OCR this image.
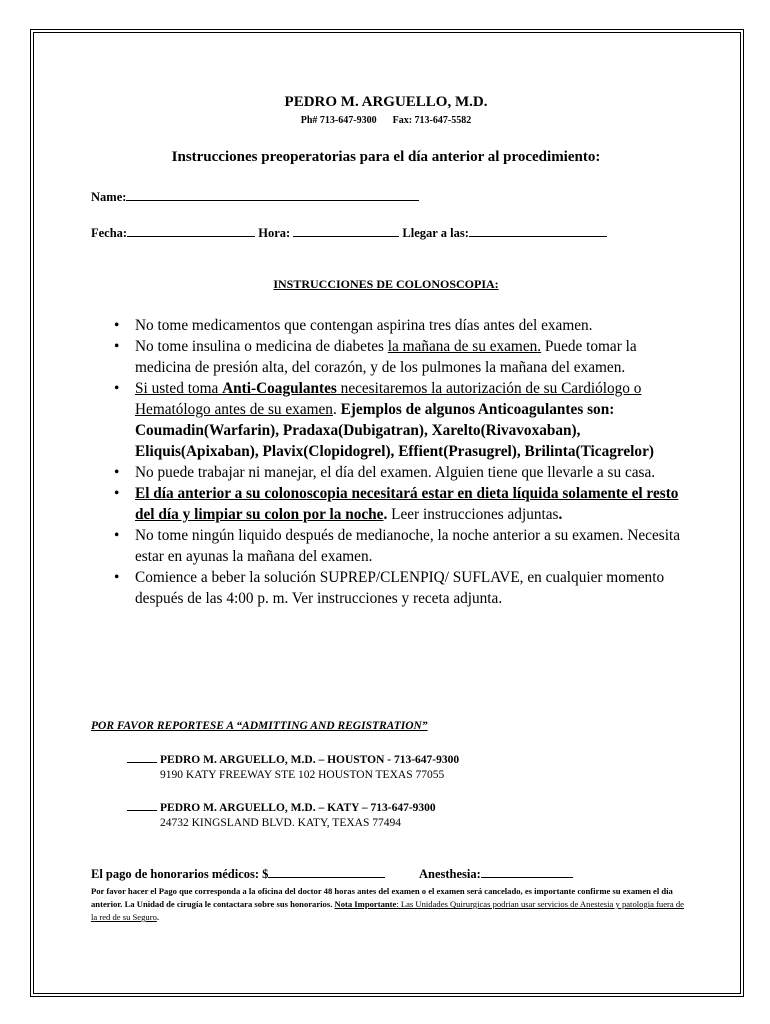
PEDRO M. ARGUELLO, M.D.
Ph# 713-647-9300 Fax: 713-647-5582
Instrucciones preoperatorias para el día anterior al procedimiento:
Name:
Fecha:	Hora:	Llegar a las:
INSTRUCCIONES DE COLONOSCOPIA:
• No tome medicamentos que contengan aspirina tres días antes del examen.
• No tome insulina o medicina de diabetes la mañana de su examen. Puede tomar la medicina de presión alta, del corazón, y de los pulmones la mañana del examen.
• Si usted toma Anti-Coagulantes necesitaremos la autorización de su Cardiólogo o Hematólogo antes de su examen. Ejemplos de algunos Anticoagulantes son: Coumadin(Warfarin), Pradaxa(Dubigatran), Xarelto(Rivavoxaban), Eliquis(Apixaban), Plavix(Clopidogrel), Effient(Prasugrel), Brilinta(Ticagrelor)
• No puede trabajar ni manejar, el día del examen. Alguien tiene que llevarle a su casa.
• El día anterior a su colonoscopia necesitará estar en dieta líquida solamente el resto del día y limpiar su colon por la noche. Leer instrucciones adjuntas.
• No tome ningún liquido después de medianoche, la noche anterior a su examen. Necesita estar en ayunas la mañana del examen.
• Comience a beber la solución SUPREP/CLENPIQ/ SUFLAVE, en cualquier momento después de las 4:00 p. m. Ver instrucciones y receta adjunta.
POR FAVOR REPORTESE A “ADMITTING AND REGISTRATION”
PEDRO M. ARGUELLO, M.D. – HOUSTON - 713-647-9300
9190 KATY FREEWAY STE 102 HOUSTON TEXAS 77055
PEDRO M. ARGUELLO, M.D. – KATY – 713-647-9300
24732 KINGSLAND BLVD. KATY, TEXAS 77494
El pago de honorarios médicos: $	Anesthesia:
Por favor hacer el Pago que corresponda a la oficina del doctor 48 horas antes del examen o el examen será cancelado, es importante confirme su examen el día anterior. La Unidad de cirugía le contactara sobre sus honorarios. Nota Importante: Las Unidades Quirurgicas podrian usar servicios de Anestesia y patologia fuera de la red de su Seguro.
